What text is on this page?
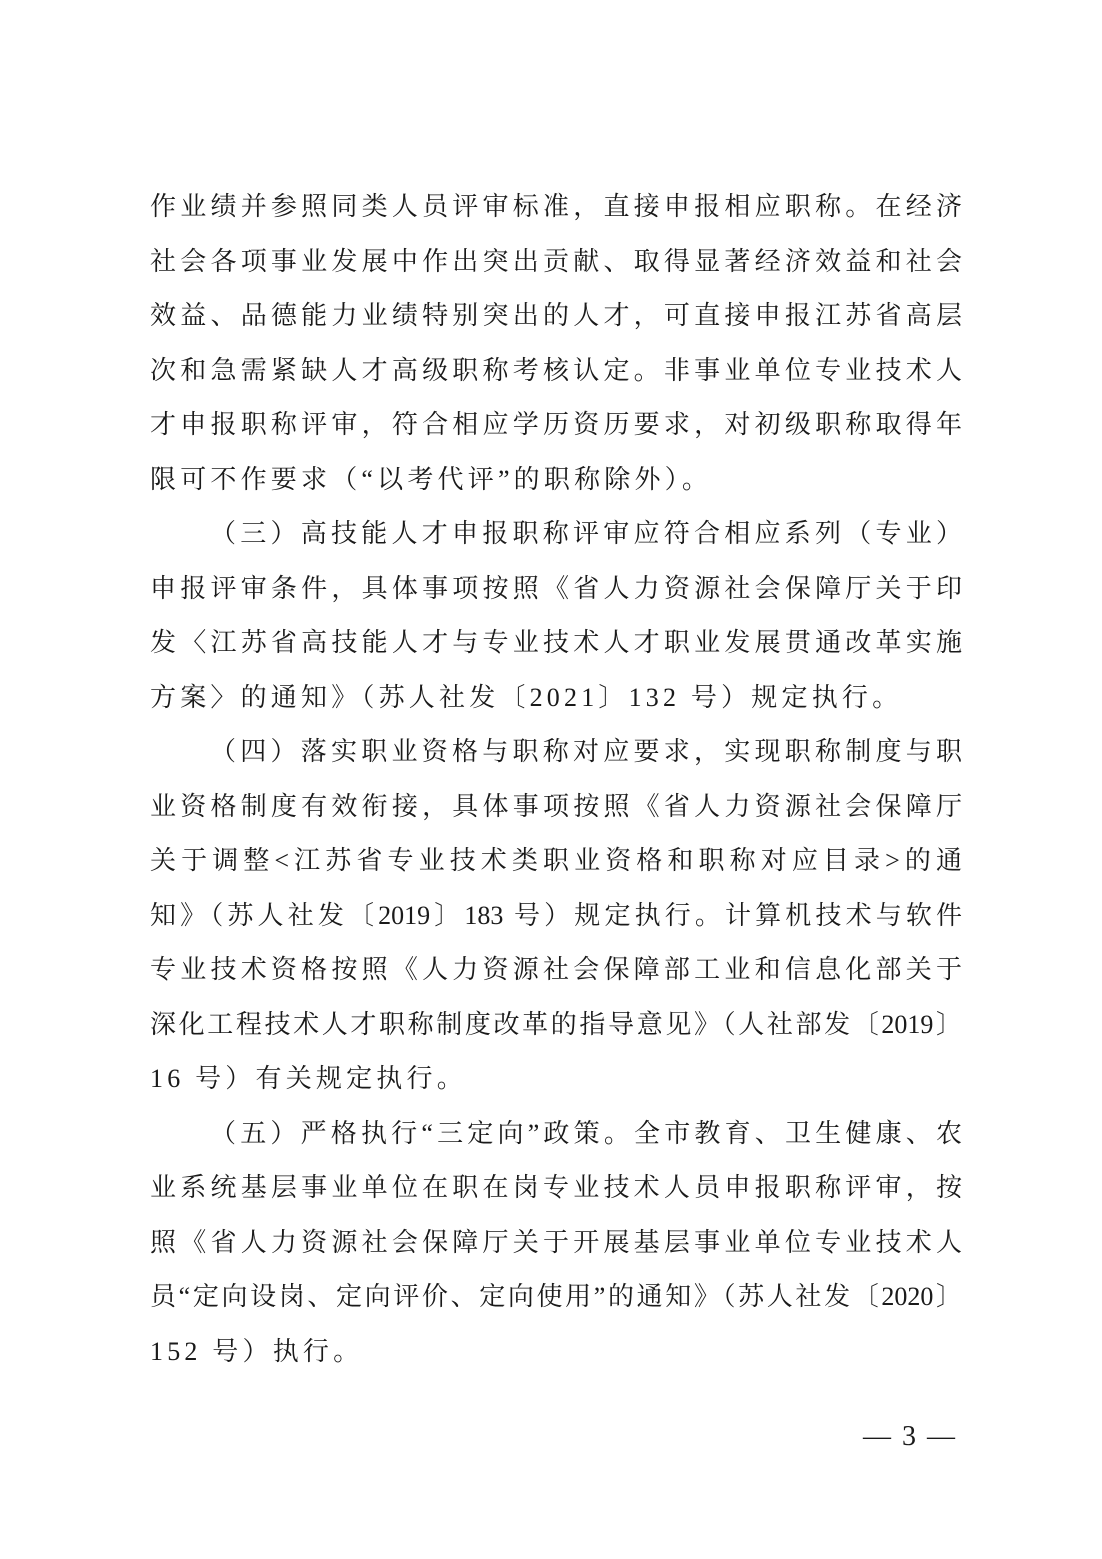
作业绩并参照同类人员评审标准，直接申报相应职称。在经济
社会各项事业发展中作出突出贡献、取得显著经济效益和社会
效益、品德能力业绩特别突出的人才，可直接申报江苏省高层
次和急需紧缺人才高级职称考核认定。非事业单位专业技术人
才申报职称评审，符合相应学历资历要求，对初级职称取得年
限可不作要求（“以考代评”的职称除外）。
（三）高技能人才申报职称评审应符合相应系列（专业）
申报评审条件，具体事项按照《省人力资源社会保障厅关于印
发〈江苏省高技能人才与专业技术人才职业发展贯通改革实施
方案〉的通知》（苏人社发〔2021〕132 号）规定执行。
（四）落实职业资格与职称对应要求，实现职称制度与职
业资格制度有效衔接，具体事项按照《省人力资源社会保障厅
关于调整<江苏省专业技术类职业资格和职称对应目录>的通
知》（苏人社发〔2019〕183 号）规定执行。计算机技术与软件
专业技术资格按照《人力资源社会保障部工业和信息化部关于
深化工程技术人才职称制度改革的指导意见》（人社部发〔2019〕
16 号）有关规定执行。
（五）严格执行“三定向”政策。全市教育、卫生健康、农
业系统基层事业单位在职在岗专业技术人员申报职称评审，按
照《省人力资源社会保障厅关于开展基层事业单位专业技术人
员“定向设岗、定向评价、定向使用”的通知》（苏人社发〔2020〕
152 号）执行。
— 3 —
